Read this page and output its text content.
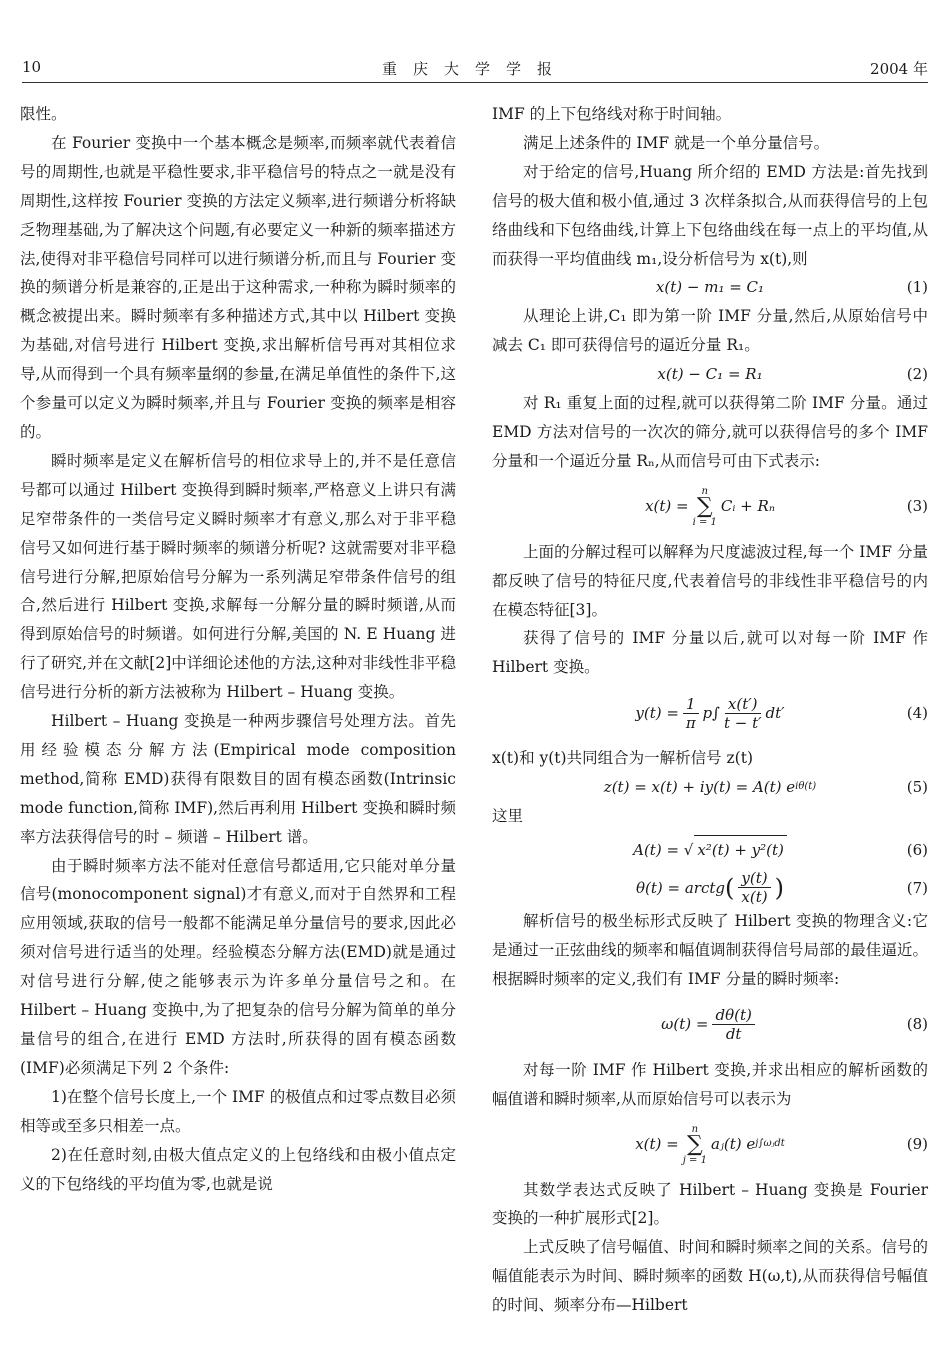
10	重庆大学学报	2004 年

限性。

在 Fourier 变换中一个基本概念是频率,而频率就代表着信号的周期性,也就是平稳性要求,非平稳信号的特点之一就是没有周期性,这样按 Fourier 变换的方法定义频率,进行频谱分析将缺乏物理基础,为了解决这个问题,有必要定义一种新的频率描述方法,使得对非平稳信号同样可以进行频谱分析,而且与 Fourier 变换的频谱分析是兼容的,正是出于这种需求,一种称为瞬时频率的概念被提出来。瞬时频率有多种描述方式,其中以 Hilbert 变换为基础,对信号进行 Hilbert 变换,求出解析信号再对其相位求导,从而得到一个具有频率量纲的参量,在满足单值性的条件下,这个参量可以定义为瞬时频率,并且与 Fourier 变换的频率是相容的。

瞬时频率是定义在解析信号的相位求导上的,并不是任意信号都可以通过 Hilbert 变换得到瞬时频率,严格意义上讲只有满足窄带条件的一类信号定义瞬时频率才有意义,那么对于非平稳信号又如何进行基于瞬时频率的频谱分析呢? 这就需要对非平稳信号进行分解,把原始信号分解为一系列满足窄带条件信号的组合,然后进行 Hilbert 变换,求解每一分解分量的瞬时频谱,从而得到原始信号的时频谱。如何进行分解,美国的 N. E Huang 进行了研究,并在文献[2]中详细论述他的方法,这种对非线性非平稳信号进行分析的新方法被称为 Hilbert – Huang 变换。

Hilbert – Huang 变换是一种两步骤信号处理方法。首先用经验模态分解方法(Empirical mode composition method,简称 EMD)获得有限数目的固有模态函数(Intrinsic mode function,简称 IMF),然后再利用 Hilbert 变换和瞬时频率方法获得信号的时 – 频谱 – Hilbert 谱。

由于瞬时频率方法不能对任意信号都适用,它只能对单分量信号(monocomponent signal)才有意义,而对于自然界和工程应用领域,获取的信号一般都不能满足单分量信号的要求,因此必须对信号进行适当的处理。经验模态分解方法(EMD)就是通过对信号进行分解,使之能够表示为许多单分量信号之和。在 Hilbert – Huang 变换中,为了把复杂的信号分解为简单的单分量信号的组合,在进行 EMD 方法时,所获得的固有模态函数(IMF)必须满足下列 2 个条件:

1)在整个信号长度上,一个 IMF 的极值点和过零点数目必须相等或至多只相差一点。

2)在任意时刻,由极大值点定义的上包络线和由极小值点定义的下包络线的平均值为零,也就是说

IMF 的上下包络线对称于时间轴。

满足上述条件的 IMF 就是一个单分量信号。

对于给定的信号,Huang 所介绍的 EMD 方法是:首先找到信号的极大值和极小值,通过 3 次样条拟合,从而获得信号的上包络曲线和下包络曲线,计算上下包络曲线在每一点上的平均值,从而获得一平均值曲线 m₁,设分析信号为 x(t),则

x(t) − m₁ = C₁	(1)

从理论上讲,C₁ 即为第一阶 IMF 分量,然后,从原始信号中减去 C₁ 即可获得信号的逼近分量 R₁。

x(t) − C₁ = R₁	(2)

对 R₁ 重复上面的过程,就可以获得第二阶 IMF 分量。通过 EMD 方法对信号的一次次的筛分,就可以获得信号的多个 IMF 分量和一个逼近分量 Rₙ,从而信号可由下式表示:

x(t) =
n
∑
i = 1
Cᵢ + Rₙ	(3)

上面的分解过程可以解释为尺度滤波过程,每一个 IMF 分量都反映了信号的特征尺度,代表着信号的非线性非平稳信号的内在模态特征[3]。

获得了信号的 IMF 分量以后,就可以对每一阶 IMF 作 Hilbert 变换。

$y(t) = \frac{1}{\pi} p\int \frac{x(t')}{t - t'} dt'$	(4)

x(t)和 y(t)共同组合为一解析信号 z(t)

z(t) = x(t) + iy(t) = A(t) e iθ(t)	(5)

这里

A(t) = √ x²(t) + y²(t)	(6)
θ(t) = arctg ( $\frac{y(t)}{x(t)}$ )	(7)

解析信号的极坐标形式反映了 Hilbert 变换的物理含义:它是通过一正弦曲线的频率和幅值调制获得信号局部的最佳逼近。根据瞬时频率的定义,我们有 IMF 分量的瞬时频率:

$\omega(t) = \frac{d\theta(t)}{dt}$	(8)

对每一阶 IMF 作 Hilbert 变换,并求出相应的解析函数的幅值谱和瞬时频率,从而原始信号可以表示为

x(t) =
n
∑
j = 1
aⱼ(t) e j∫ωⱼdt	(9)

其数学表达式反映了 Hilbert – Huang 变换是 Fourier 变换的一种扩展形式[2]。

上式反映了信号幅值、时间和瞬时频率之间的关系。信号的幅值能表示为时间、瞬时频率的函数 H(ω,t),从而获得信号幅值的时间、频率分布—Hilbert
